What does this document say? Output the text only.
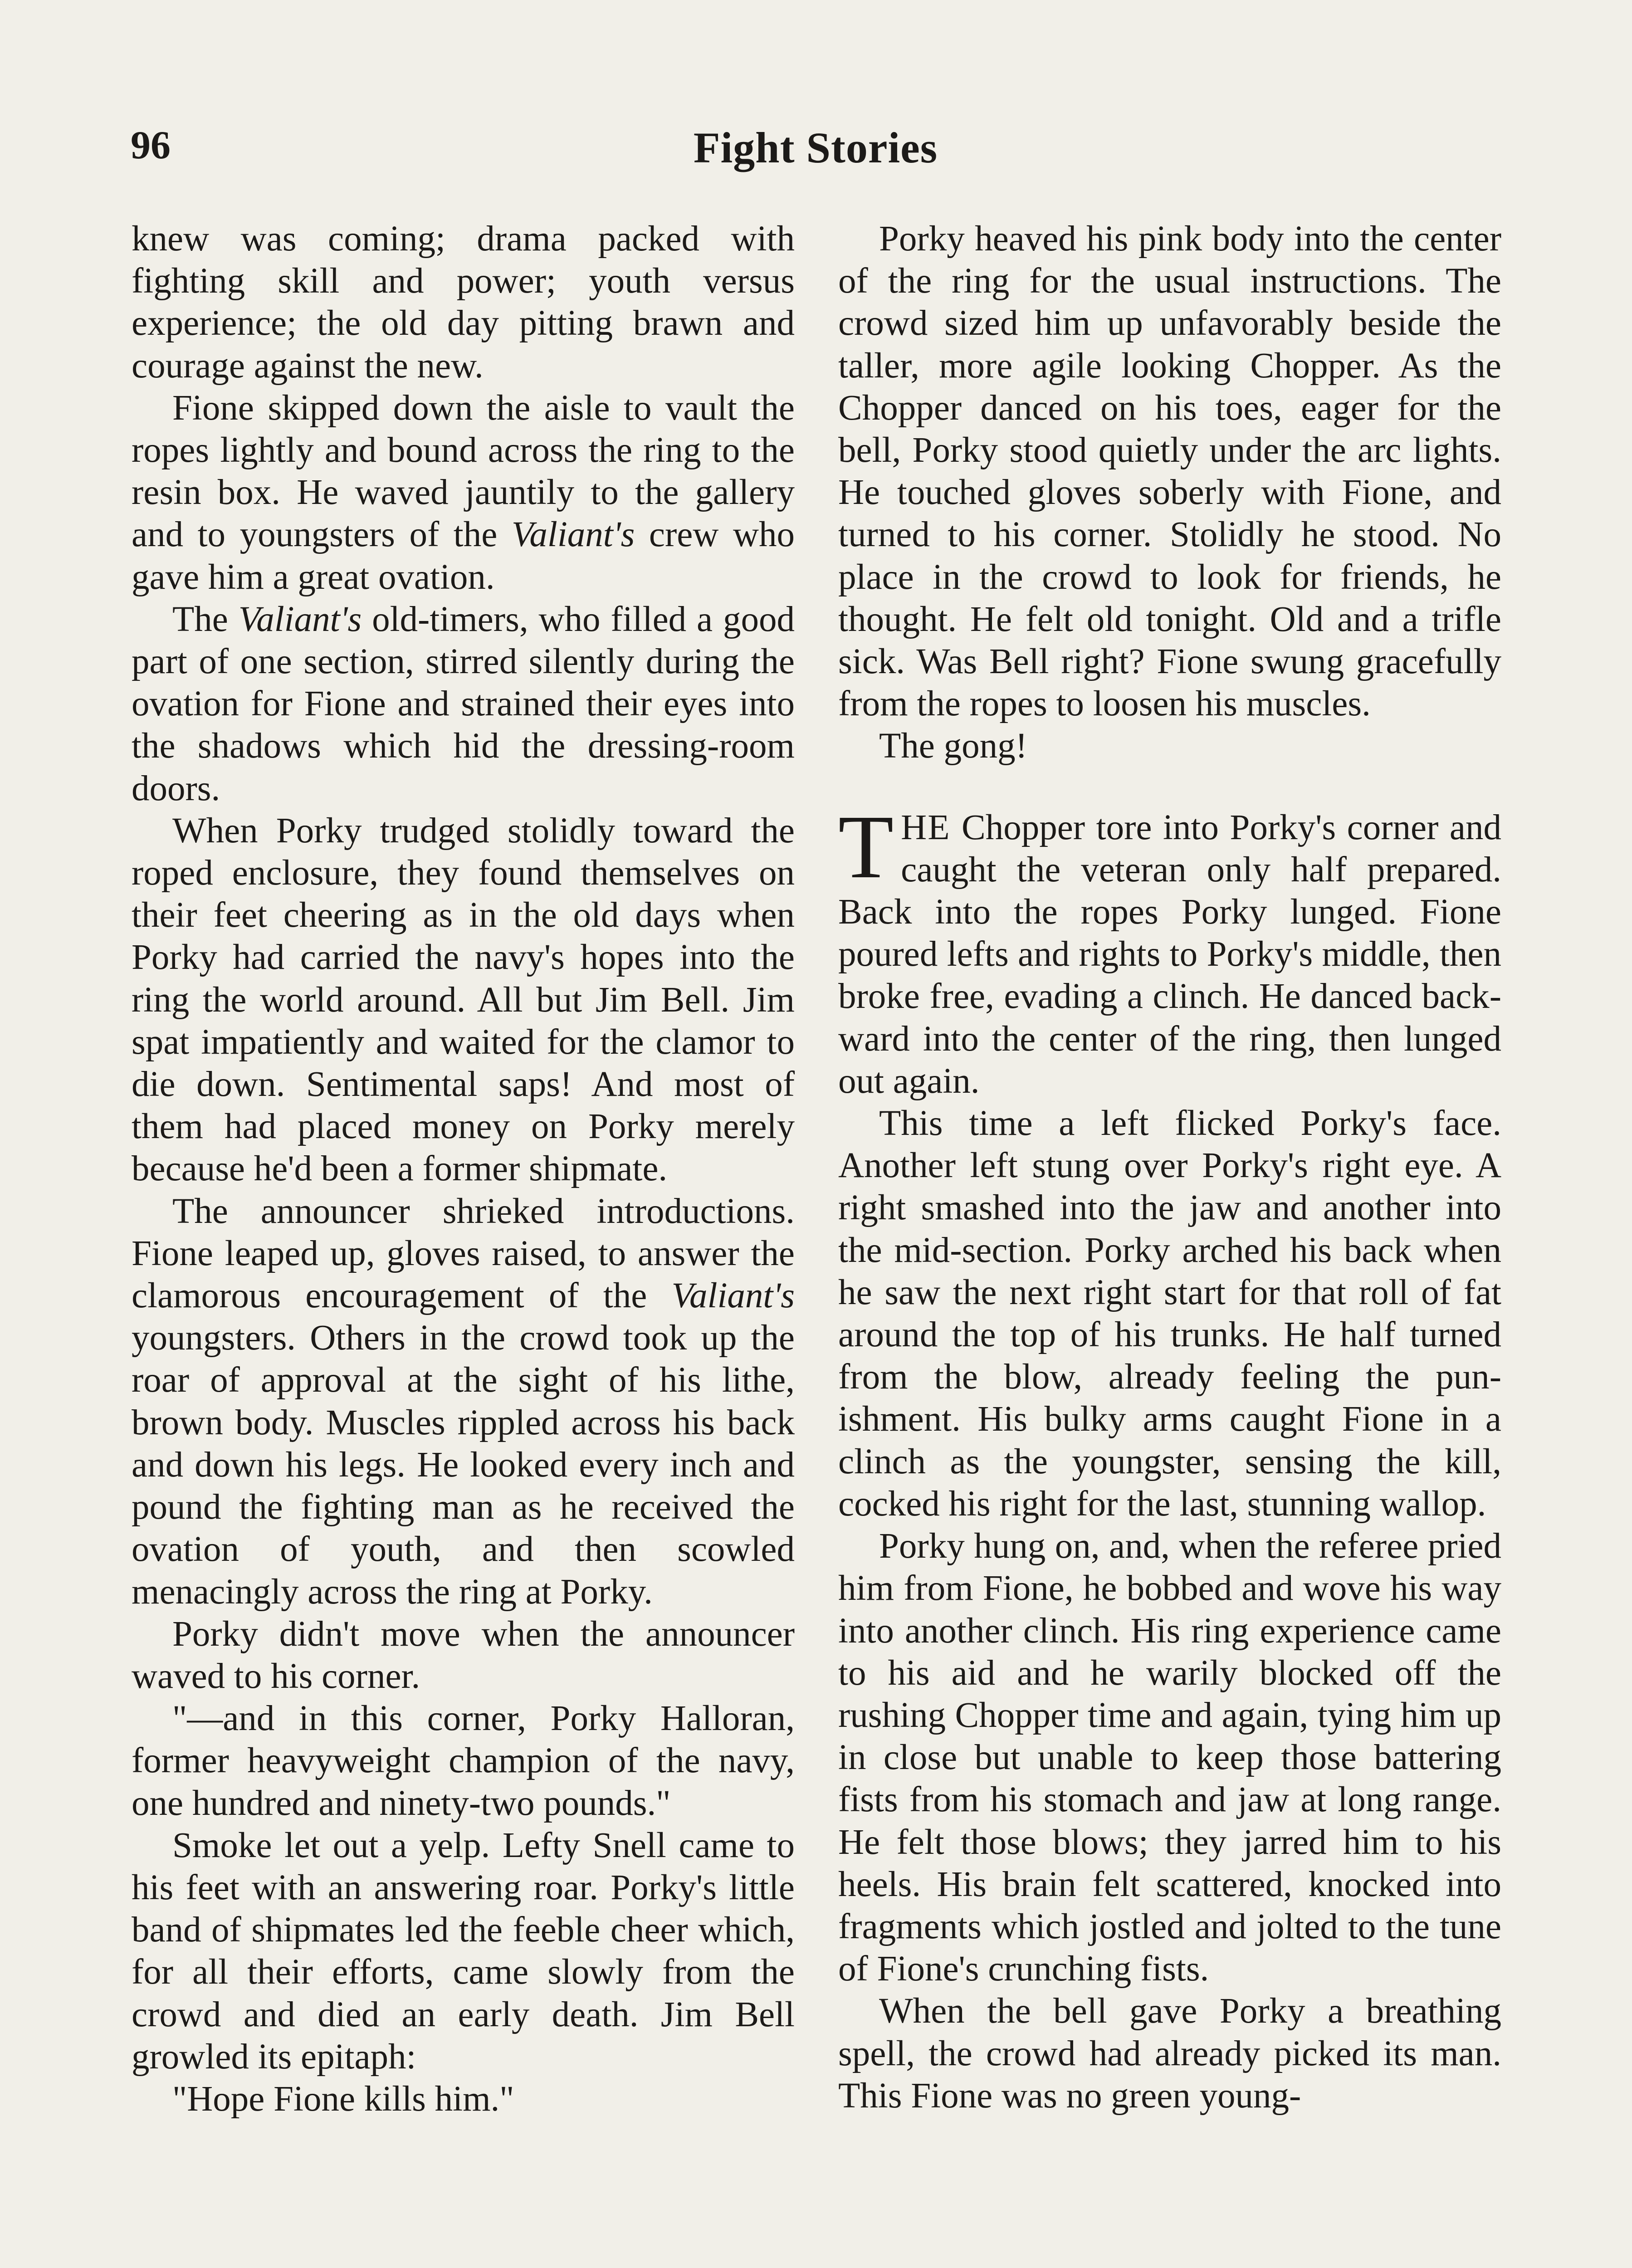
96	Fight Stories

knew was coming; drama packed with fighting skill and power; youth versus experience; the old day pitting brawn and courage against the new.

Fione skipped down the aisle to vault the ropes lightly and bound across the ring to the resin box. He waved jauntily to the gallery and to youngsters of the Valiant's crew who gave him a great ovation.

The Valiant's old-timers, who filled a good part of one section, stirred silently during the ovation for Fione and strained their eyes into the shadows which hid the dressing-room doors.

When Porky trudged stolidly toward the roped enclosure, they found themselves on their feet cheering as in the old days when Porky had carried the navy's hopes into the ring the world around. All but Jim Bell. Jim spat impatiently and waited for the clamor to die down. Sentimental saps! And most of them had placed money on Porky merely because he'd been a former shipmate.

The announcer shrieked introductions. Fione leaped up, gloves raised, to answer the clamorous encouragement of the Valiant's youngsters. Others in the crowd took up the roar of approval at the sight of his lithe, brown body. Muscles rippled across his back and down his legs. He looked every inch and pound the fighting man as he received the ovation of youth, and then scowled menacingly across the ring at Porky.

Porky didn't move when the announcer waved to his corner.

"—and in this corner, Porky Halloran, former heavyweight champion of the navy, one hundred and ninety-two pounds."

Smoke let out a yelp. Lefty Snell came to his feet with an answering roar. Porky's little band of shipmates led the feeble cheer which, for all their efforts, came slowly from the crowd and died an early death. Jim Bell growled its epitaph:

"Hope Fione kills him."

Porky heaved his pink body into the center of the ring for the usual instructions. The crowd sized him up unfavorably beside the taller, more agile looking Chopper. As the Chopper danced on his toes, eager for the bell, Porky stood quietly under the arc lights. He touched gloves soberly with Fione, and turned to his corner. Stolidly he stood. No place in the crowd to look for friends, he thought. He felt old tonight. Old and a trifle sick. Was Bell right? Fione swung gracefully from the ropes to loosen his muscles.

The gong!

THE Chopper tore into Porky's corner and caught the veteran only half prepared. Back into the ropes Porky lunged. Fione poured lefts and rights to Porky's middle, then broke free, evading a clinch. He danced backward into the center of the ring, then lunged out again.

This time a left flicked Porky's face. Another left stung over Porky's right eye. A right smashed into the jaw and another into the mid-section. Porky arched his back when he saw the next right start for that roll of fat around the top of his trunks. He half turned from the blow, already feeling the punishment. His bulky arms caught Fione in a clinch as the youngster, sensing the kill, cocked his right for the last, stunning wallop.

Porky hung on, and, when the referee pried him from Fione, he bobbed and wove his way into another clinch. His ring experience came to his aid and he warily blocked off the rushing Chopper time and again, tying him up in close but unable to keep those battering fists from his stomach and jaw at long range. He felt those blows; they jarred him to his heels. His brain felt scattered, knocked into fragments which jostled and jolted to the tune of Fione's crunching fists.

When the bell gave Porky a breathing spell, the crowd had already picked its man. This Fione was no green young-
